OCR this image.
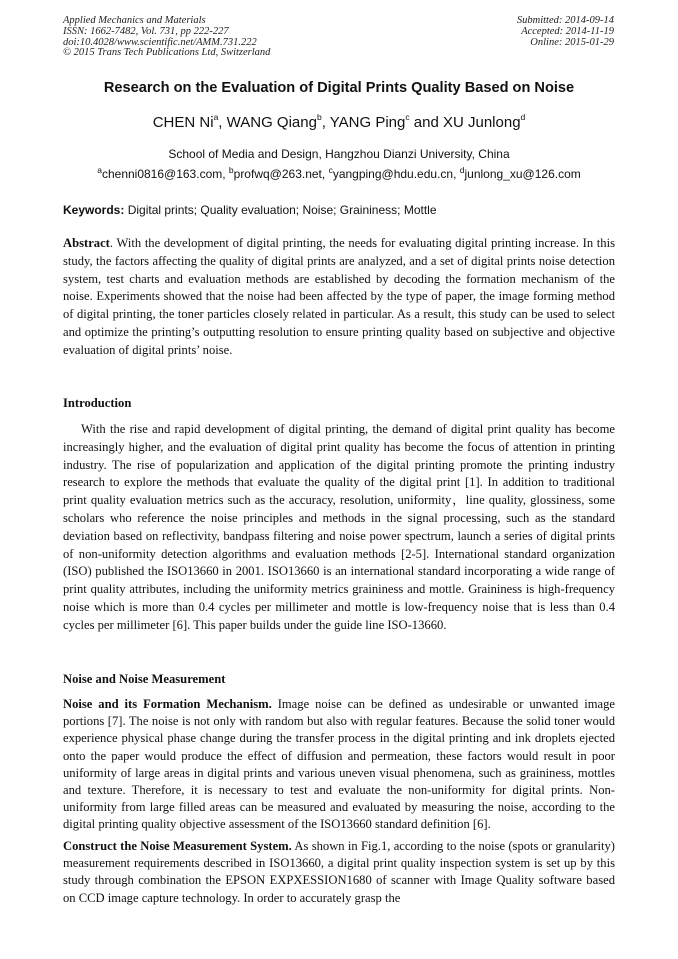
Applied Mechanics and Materials
ISSN: 1662-7482, Vol. 731, pp 222-227
doi:10.4028/www.scientific.net/AMM.731.222
© 2015 Trans Tech Publications Ltd, Switzerland
Submitted: 2014-09-14
Accepted: 2014-11-19
Online: 2015-01-29
Research on the Evaluation of Digital Prints Quality Based on Noise
CHEN Ni$^a$, WANG Qiang$^b$, YANG Ping$^c$ and XU Junlong$^d$
School of Media and Design, Hangzhou Dianzi University, China
$^a$chenni0816@163.com, $^b$profwq@263.net, $^c$yangping@hdu.edu.cn, $^d$junlong_xu@126.com
Keywords: Digital prints; Quality evaluation; Noise; Graininess; Mottle
Abstract. With the development of digital printing, the needs for evaluating digital printing increase. In this study, the factors affecting the quality of digital prints are analyzed, and a set of digital prints noise detection system, test charts and evaluation methods are established by decoding the formation mechanism of the noise. Experiments showed that the noise had been affected by the type of paper, the image forming method of digital printing, the toner particles closely related in particular. As a result, this study can be used to select and optimize the printing’s outputting resolution to ensure printing quality based on subjective and objective evaluation of digital prints’ noise.
Introduction
With the rise and rapid development of digital printing, the demand of digital print quality has become increasingly higher, and the evaluation of digital print quality has become the focus of attention in printing industry. The rise of popularization and application of the digital printing promote the printing industry research to explore the methods that evaluate the quality of the digital print [1]. In addition to traditional print quality evaluation metrics such as the accuracy, resolution, uniformity，line quality, glossiness, some scholars who reference the noise principles and methods in the signal processing, such as the standard deviation based on reflectivity, bandpass filtering and noise power spectrum, launch a series of digital prints of non-uniformity detection algorithms and evaluation methods [2-5]. International standard organization (ISO) published the ISO13660 in 2001. ISO13660 is an international standard incorporating a wide range of print quality attributes, including the uniformity metrics graininess and mottle. Graininess is high-frequency noise which is more than 0.4 cycles per millimeter and mottle is low-frequency noise that is less than 0.4 cycles per millimeter [6]. This paper builds under the guide line ISO-13660.
Noise and Noise Measurement
Noise and its Formation Mechanism. Image noise can be defined as undesirable or unwanted image portions [7]. The noise is not only with random but also with regular features. Because the solid toner would experience physical phase change during the transfer process in the digital printing and ink droplets ejected onto the paper would produce the effect of diffusion and permeation, these factors would result in poor uniformity of large areas in digital prints and various uneven visual phenomena, such as graininess, mottles and texture. Therefore, it is necessary to test and evaluate the non-uniformity for digital prints. Non-uniformity from large filled areas can be measured and evaluated by measuring the noise, according to the digital printing quality objective assessment of the ISO13660 standard definition [6].
Construct the Noise Measurement System. As shown in Fig.1, according to the noise (spots or granularity) measurement requirements described in ISO13660, a digital print quality inspection system is set up by this study through combination the EPSON EXPXESSION1680 of scanner with Image Quality software based on CCD image capture technology. In order to accurately grasp the
